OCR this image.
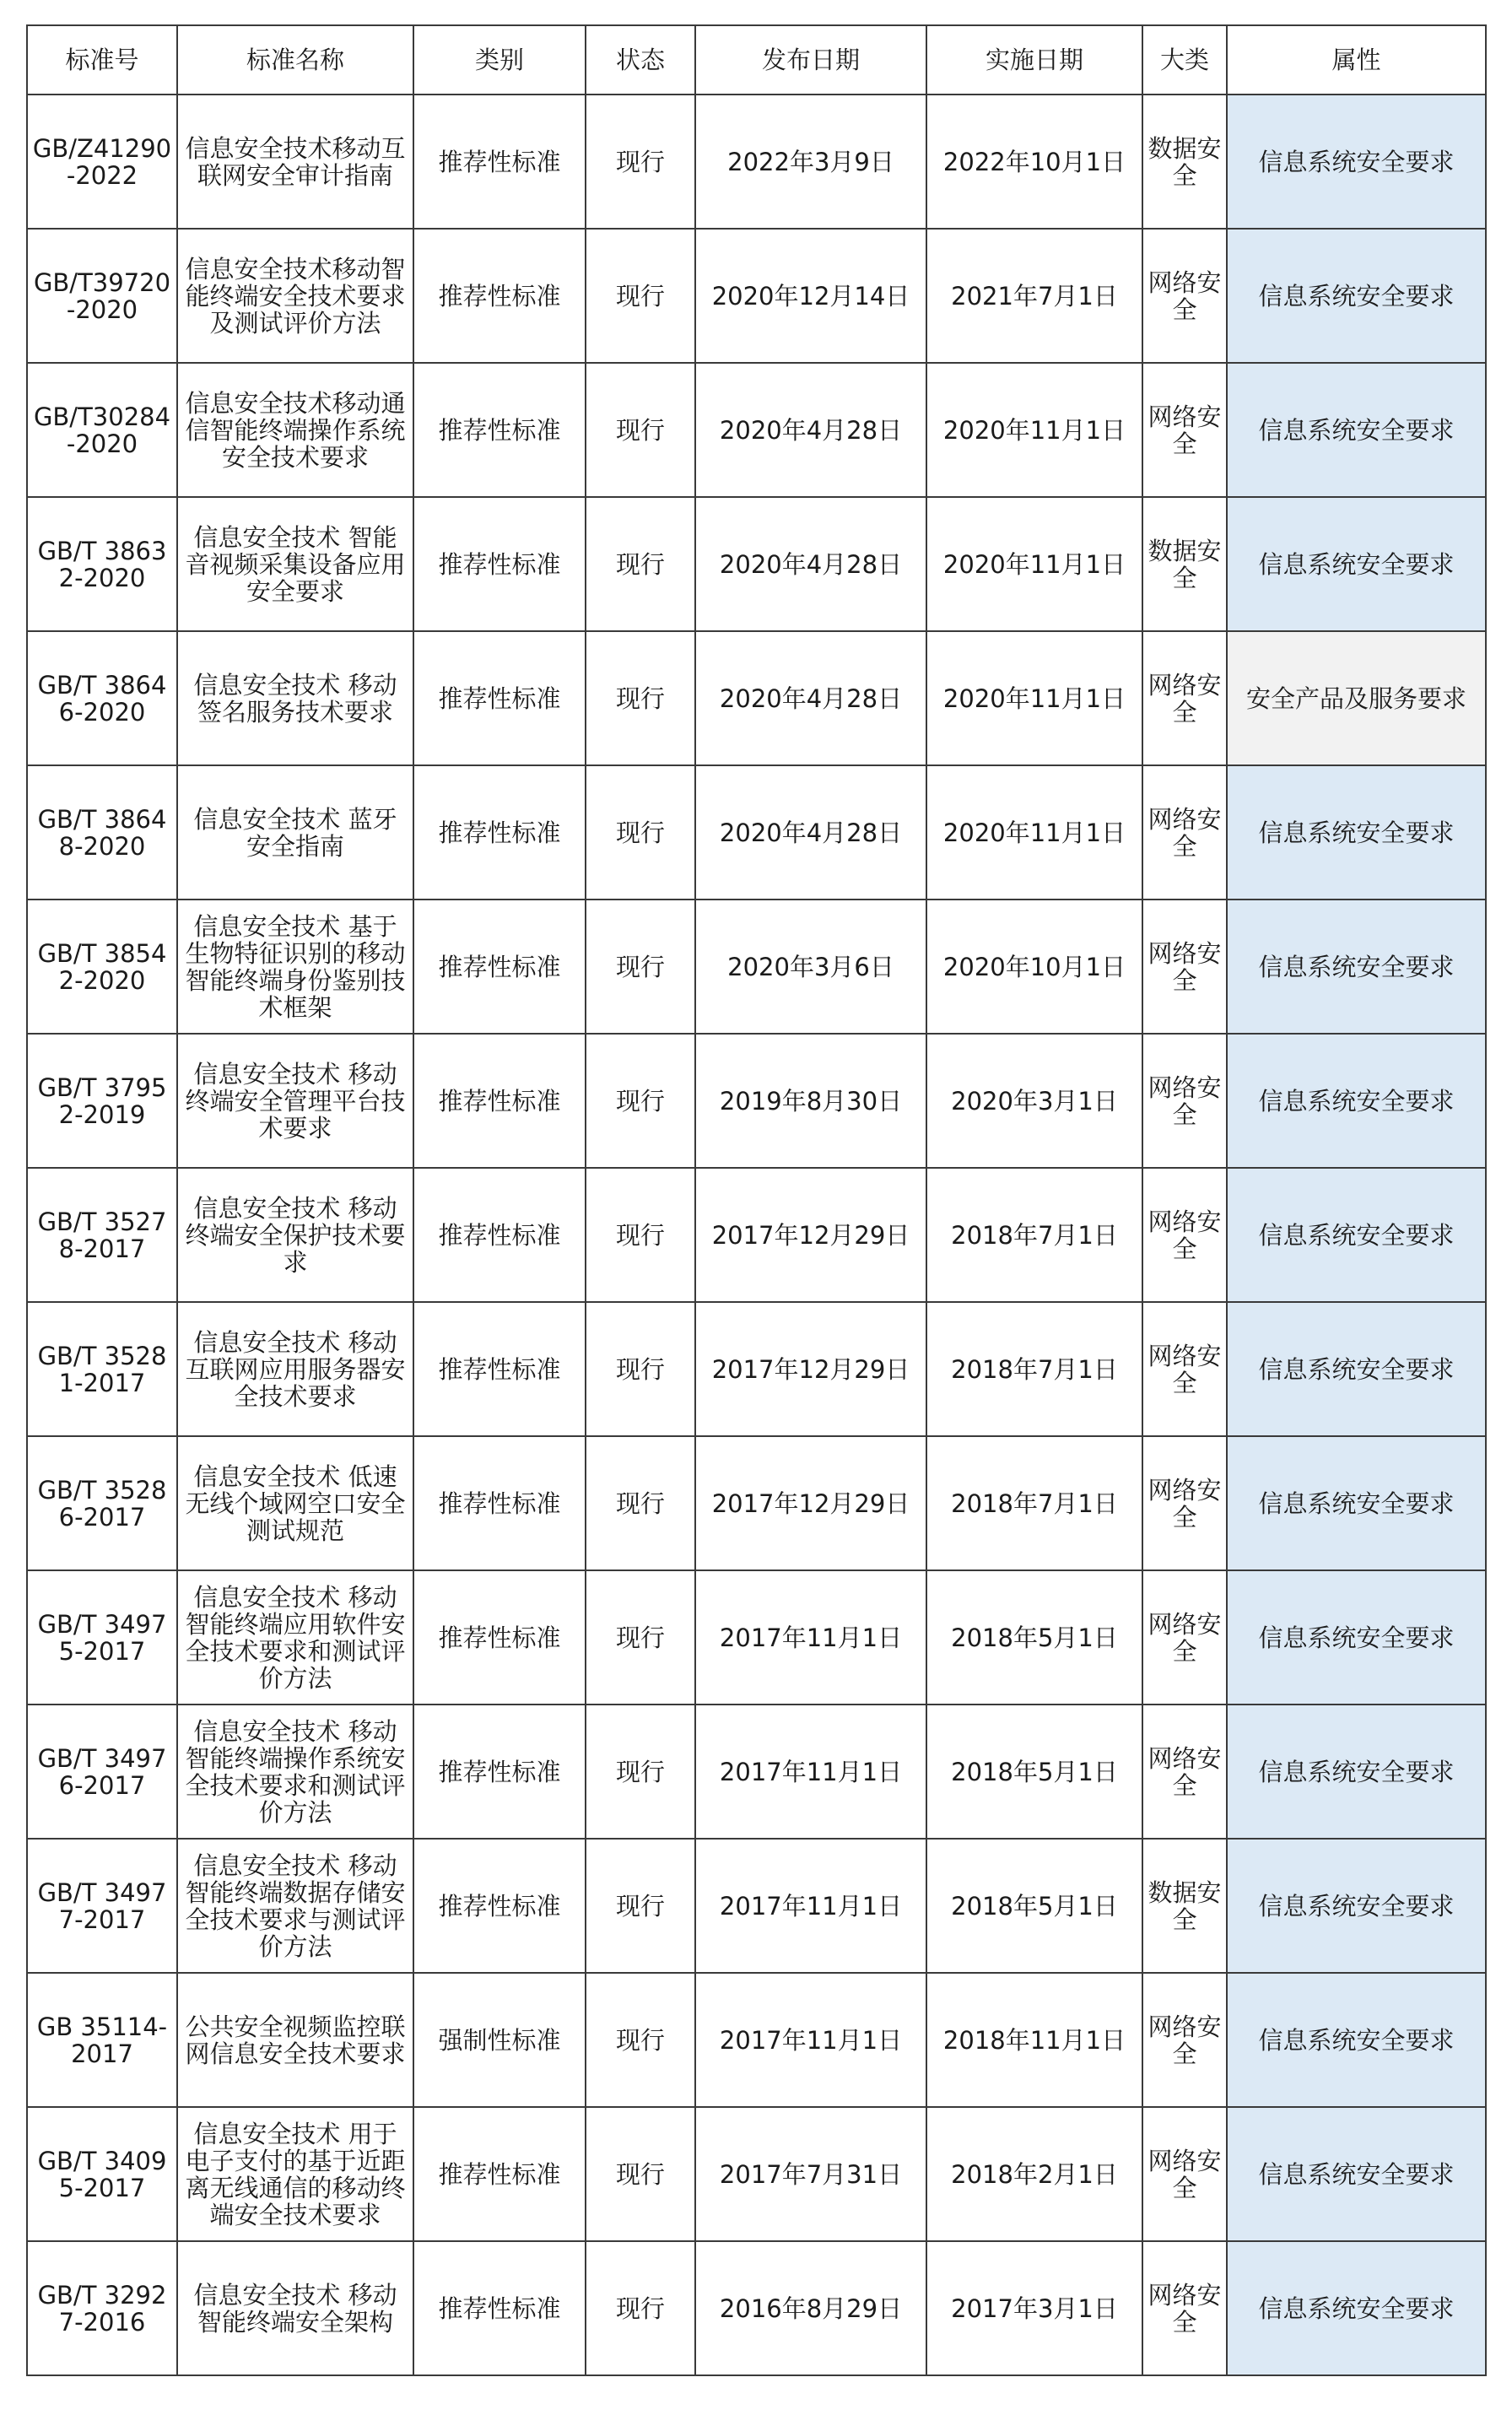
标准号	标准名称	类别	状态	发布日期	实施日期	大类	属性
GB/Z41290-2022	信息安全技术移动互联网安全审计指南	推荐性标准	现行	2022年3月9日	2022年10月1日	数据安全	信息系统安全要求
GB/T39720-2020	信息安全技术移动智能终端安全技术要求及测试评价方法	推荐性标准	现行	2020年12月14日	2021年7月1日	网络安全	信息系统安全要求
GB/T30284-2020	信息安全技术移动通信智能终端操作系统安全技术要求	推荐性标准	现行	2020年4月28日	2020年11月1日	网络安全	信息系统安全要求
GB/T 38632-2020	信息安全技术 智能音视频采集设备应用安全要求	推荐性标准	现行	2020年4月28日	2020年11月1日	数据安全	信息系统安全要求
GB/T 38646-2020	信息安全技术 移动签名服务技术要求	推荐性标准	现行	2020年4月28日	2020年11月1日	网络安全	安全产品及服务要求
GB/T 38648-2020	信息安全技术 蓝牙安全指南	推荐性标准	现行	2020年4月28日	2020年11月1日	网络安全	信息系统安全要求
GB/T 38542-2020	信息安全技术 基于生物特征识别的移动智能终端身份鉴别技术框架	推荐性标准	现行	2020年3月6日	2020年10月1日	网络安全	信息系统安全要求
GB/T 37952-2019	信息安全技术 移动终端安全管理平台技术要求	推荐性标准	现行	2019年8月30日	2020年3月1日	网络安全	信息系统安全要求
GB/T 35278-2017	信息安全技术 移动终端安全保护技术要求	推荐性标准	现行	2017年12月29日	2018年7月1日	网络安全	信息系统安全要求
GB/T 35281-2017	信息安全技术 移动互联网应用服务器安全技术要求	推荐性标准	现行	2017年12月29日	2018年7月1日	网络安全	信息系统安全要求
GB/T 35286-2017	信息安全技术 低速无线个域网空口安全测试规范	推荐性标准	现行	2017年12月29日	2018年7月1日	网络安全	信息系统安全要求
GB/T 34975-2017	信息安全技术 移动智能终端应用软件安全技术要求和测试评价方法	推荐性标准	现行	2017年11月1日	2018年5月1日	网络安全	信息系统安全要求
GB/T 34976-2017	信息安全技术 移动智能终端操作系统安全技术要求和测试评价方法	推荐性标准	现行	2017年11月1日	2018年5月1日	网络安全	信息系统安全要求
GB/T 34977-2017	信息安全技术 移动智能终端数据存储安全技术要求与测试评价方法	推荐性标准	现行	2017年11月1日	2018年5月1日	数据安全	信息系统安全要求
GB 35114-2017	公共安全视频监控联网信息安全技术要求	强制性标准	现行	2017年11月1日	2018年11月1日	网络安全	信息系统安全要求
GB/T 34095-2017	信息安全技术 用于电子支付的基于近距离无线通信的移动终端安全技术要求	推荐性标准	现行	2017年7月31日	2018年2月1日	网络安全	信息系统安全要求
GB/T 32927-2016	信息安全技术 移动智能终端安全架构	推荐性标准	现行	2016年8月29日	2017年3月1日	网络安全	信息系统安全要求
